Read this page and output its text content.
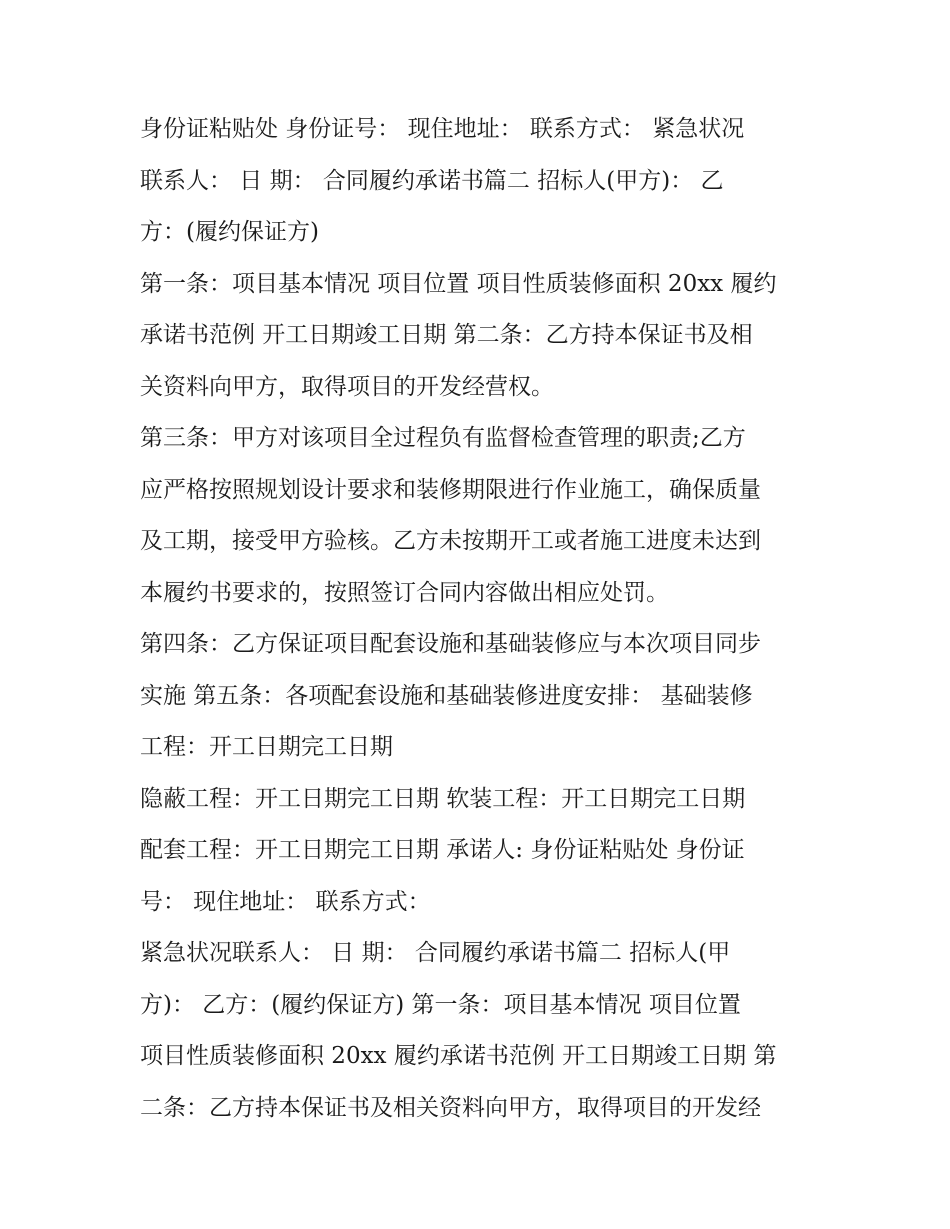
身份证粘贴处 身份证号： 现住地址： 联系方式： 紧急状况
联系人： 日 期： 合同履约承诺书篇二 招标人(甲方)： 乙
方：(履约保证方)
第一条：项目基本情况 项目位置 项目性质装修面积 20xx 履约
承诺书范例 开工日期竣工日期 第二条：乙方持本保证书及相
关资料向甲方，取得项目的开发经营权。
第三条：甲方对该项目全过程负有监督检查管理的职责;乙方
应严格按照规划设计要求和装修期限进行作业施工，确保质量
及工期，接受甲方验核。乙方未按期开工或者施工进度未达到
本履约书要求的，按照签订合同内容做出相应处罚。
第四条：乙方保证项目配套设施和基础装修应与本次项目同步
实施 第五条：各项配套设施和基础装修进度安排： 基础装修
工程：开工日期完工日期
隐蔽工程：开工日期完工日期 软装工程：开工日期完工日期
配套工程：开工日期完工日期 承诺人: 身份证粘贴处 身份证
号： 现住地址： 联系方式：
紧急状况联系人： 日 期： 合同履约承诺书篇二 招标人(甲
方)： 乙方：(履约保证方) 第一条：项目基本情况 项目位置
项目性质装修面积 20xx 履约承诺书范例 开工日期竣工日期 第
二条：乙方持本保证书及相关资料向甲方，取得项目的开发经
